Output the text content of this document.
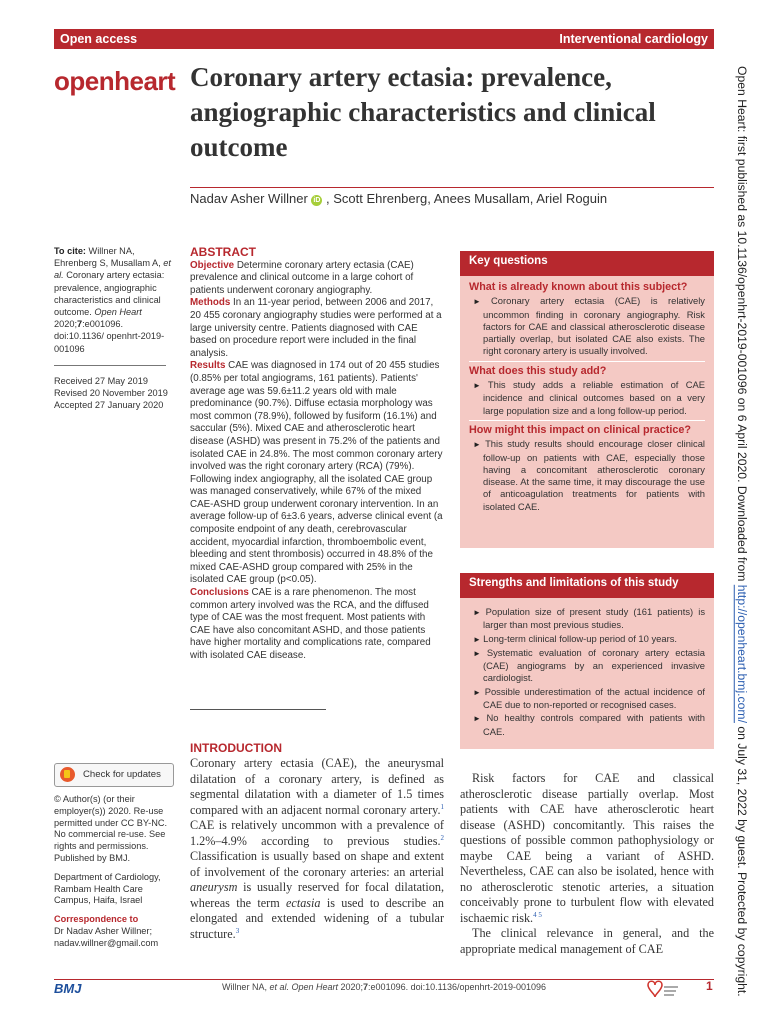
Open access	Interventional cardiology
openheart Coronary artery ectasia: prevalence, angiographic characteristics and clinical outcome
Nadav Asher Willner iD , Scott Ehrenberg, Anees Musallam, Ariel Roguin
To cite: Willner NA, Ehrenberg S, Musallam A, et al. Coronary artery ectasia: prevalence, angiographic characteristics and clinical outcome. Open Heart 2020;7:e001096. doi:10.1136/ openhrt-2019-001096
Received 27 May 2019
Revised 20 November 2019
Accepted 27 January 2020
ABSTRACT

Objective Determine coronary artery ectasia (CAE) prevalence and clinical outcome in a large cohort of patients underwent coronary angiography.

Methods In an 11-year period, between 2006 and 2017, 20 455 coronary angiography studies were performed at a large university centre. Patients diagnosed with CAE based on procedure report were included in the final analysis.

Results CAE was diagnosed in 174 out of 20 455 studies (0.85% per total angiograms, 161 patients). Patients' average age was 59.6±11.2 years old with male predominance (90.7%). Diffuse ectasia morphology was most common (78.9%), followed by fusiform (16.1%) and saccular (5%). Mixed CAE and atherosclerotic heart disease (ASHD) was present in 75.2% of the patients and isolated CAE in 24.8%. The most common coronary artery involved was the right coronary artery (RCA) (79%). Following index angiography, all the isolated CAE group was managed conservatively, while 67% of the mixed CAE-ASHD group underwent coronary intervention. In an average follow-up of 6±3.6 years, adverse clinical event (a composite endpoint of any death, cerebrovascular accident, myocardial infarction, thromboembolic event, bleeding and stent thrombosis) occurred in 48.8% of the mixed CAE-ASHD group compared with 25% in the isolated CAE group (p<0.05).

Conclusions CAE is a rare phenomenon. The most common artery involved was the RCA, and the diffused type of CAE was the most frequent. Most patients with CAE have also concomitant ASHD, and those patients have higher mortality and complications rate, compared with isolated CAE disease.

Key questions
What is already known about this subject?
► Coronary artery ectasia (CAE) is relatively uncommon finding in coronary angiography. Risk factors for CAE and classical atherosclerotic disease partially overlap, but isolated CAE also exists. The right coronary artery is usually involved.
What does this study add?
► This study adds a reliable estimation of CAE incidence and clinical outcomes based on a very large population size and a long follow-up period.
How might this impact on clinical practice?
► This study results should encourage closer clinical follow-up on patients with CAE, especially those having a concomitant atherosclerotic coronary disease. At the same time, it may discourage the use of anticoagulation treatments for patients with isolated CAE.
Strengths and limitations of this study
► Population size of present study (161 patients) is larger than most previous studies.
► Long-term clinical follow-up period of 10 years.
► Systematic evaluation of coronary artery ectasia (CAE) angiograms by an experienced invasive cardiologist.
► Possible underestimation of the actual incidence of CAE due to non-reported or recognised cases.
► No healthy controls compared with patients with CAE.
INTRODUCTION

Coronary artery ectasia (CAE), the aneurysmal dilatation of a coronary artery, is defined as segmental dilatation with a diameter of 1.5 times compared with an adjacent normal coronary artery.$^1$ CAE is relatively uncommon with a prevalence of 1.2%–4.9% according to previous studies.$^2$ Classification is usually based on shape and extent of involvement of the coronary arteries: an arterial aneurysm is usually reserved for focal dilatation, whereas the term ectasia is used to describe an elongated and extended widening of a tubular structure.$^3$

Risk factors for CAE and classical atherosclerotic disease partially overlap. Most patients with CAE have atherosclerotic heart disease (ASHD) concomitantly. This raises the questions of possible common pathophysiology or maybe CAE being a variant of ASHD. Nevertheless, CAE can also be isolated, hence with no atherosclerotic stenotic arteries, a situation conceivably prone to turbulent flow with elevated ischaemic risk.$^{4 5}$

The clinical relevance in general, and the appropriate medical management of CAE

Check for updates

© Author(s) (or their employer(s)) 2020. Re-use permitted under CC BY-NC. No commercial re-use. See rights and permissions. Published by BMJ.

Department of Cardiology, Rambam Health Care Campus, Haifa, Israel

Correspondence to

Dr Nadav Asher Willner; nadav.willner@gmail.com

BMJ	Willner NA, et al. Open Heart 2020;7:e001096. doi:10.1136/openhrt-2019-001096	1
Open Heart: first published as 10.1136/openhrt-2019-001096 on 6 April 2020. Downloaded from http://openheart.bmj.com/ on July 31, 2022 by guest. Protected by copyright.
